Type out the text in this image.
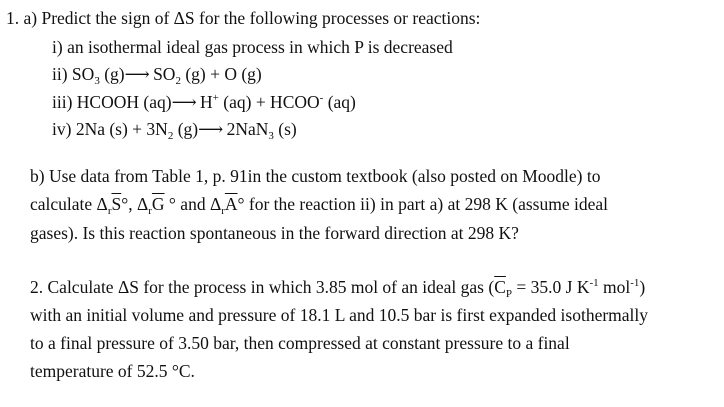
1. a) Predict the sign of ΔS for the following processes or reactions:
i) an isothermal ideal gas process in which P is decreased
ii) $SO_3$ (g)⟶ $SO_2$ (g) + O (g)
iii) HCOOH (aq)⟶ H+ (aq) + HCOO- (aq)
iv) 2Na $(s) + 3N_2$ (g)⟶ 2NaN$_3$ (s)
b) Use data from Table 1, p. 91in the custom textbook (also posted on Moodle) to
calculate $\Delta_r\overline{S}^\circ$, $\Delta_r\overline{G}$ ° and $\Delta_r\overline{A}^\circ$ for the reaction ii) in part a) at 298 K (assume ideal
gases). Is this reaction spontaneous in the forward direction at 298 K?
2. Calculate ΔS for the process in which 3.85 mol of an ideal gas ($\overline{C}_P = 35.0$ J $K^{-1}$ mol$^{-1}$)
with an initial volume and pressure of 18.1 L and 10.5 bar is first expanded isothermally
to a final pressure of 3.50 bar, then compressed at constant pressure to a final
temperature of 52.5 °C.
